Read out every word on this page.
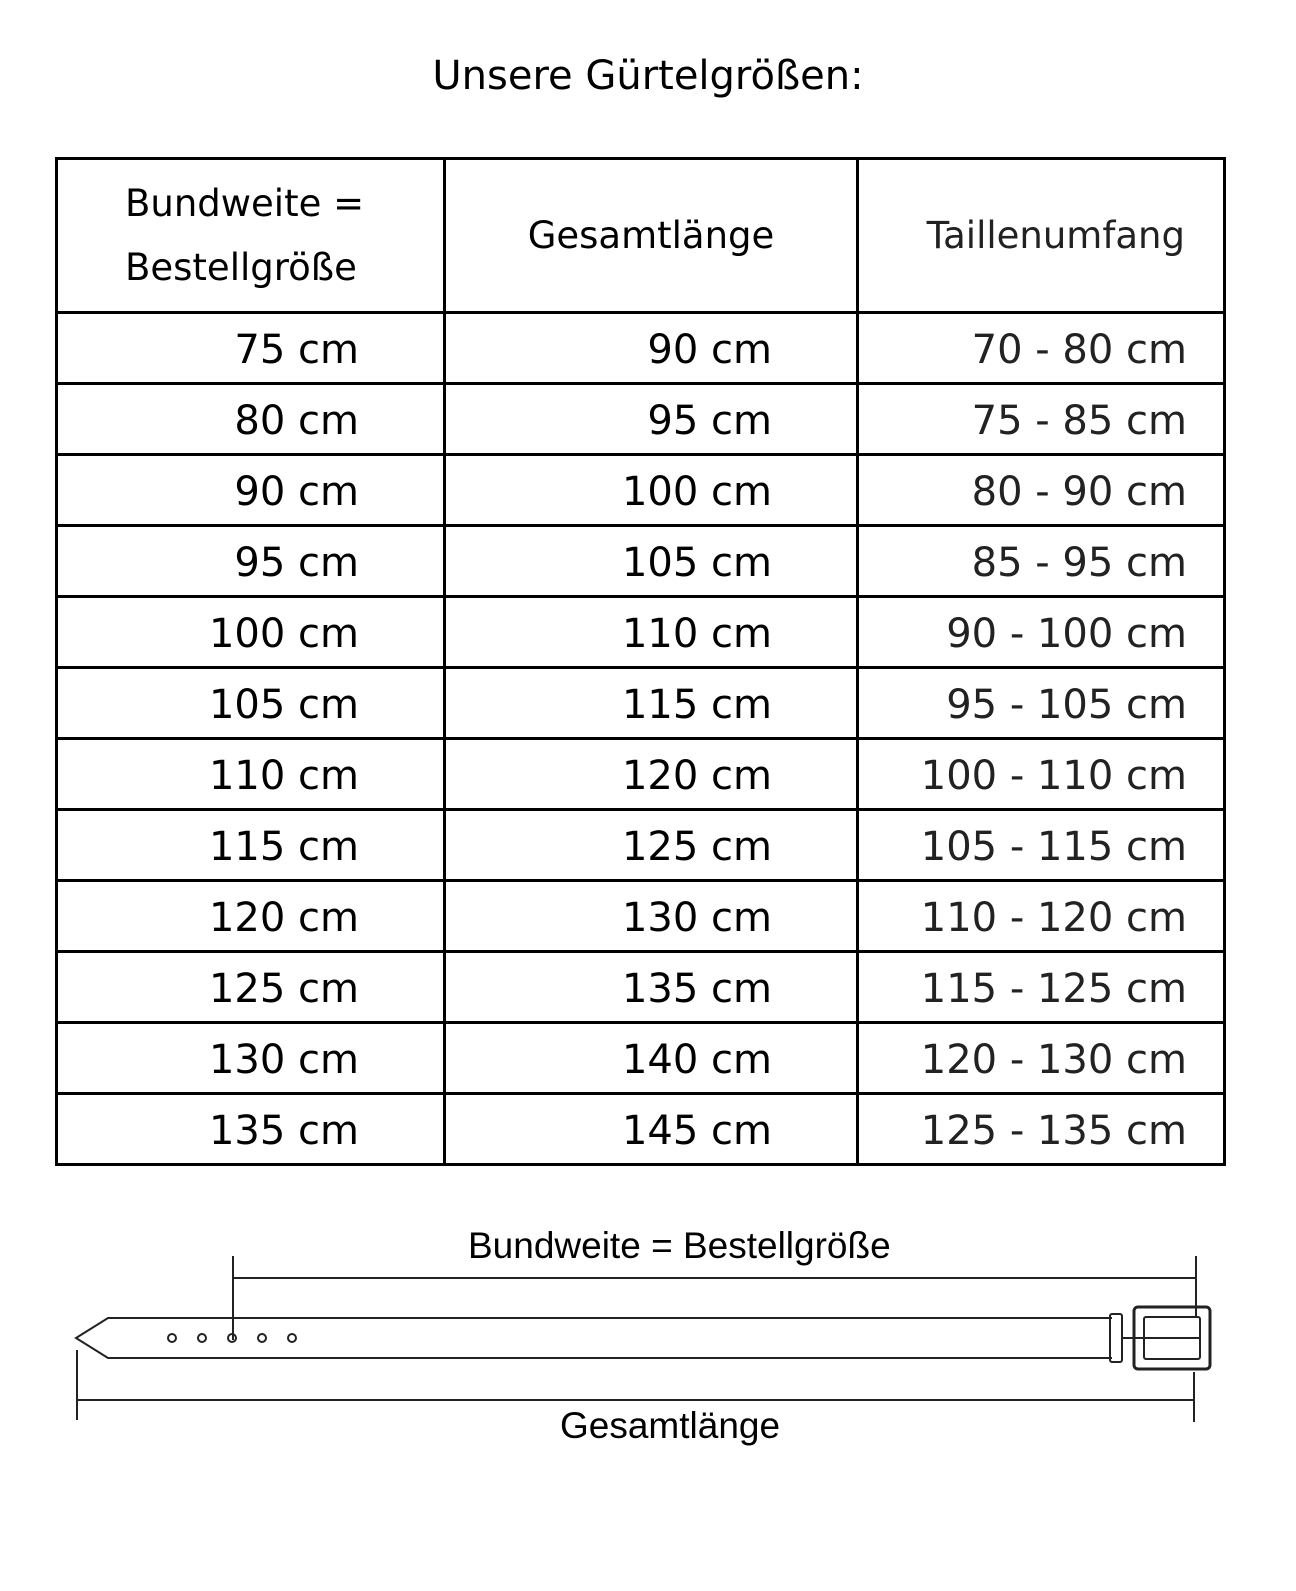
Unsere Gürtelgrößen:
Bundweite =
Bestellgröße	Gesamtlänge	Taillenumfang
75 cm	90 cm	70 - 80 cm
80 cm	95 cm	75 - 85 cm
90 cm	100 cm	80 - 90 cm
95 cm	105 cm	85 - 95 cm
100 cm	110 cm	90 - 100 cm
105 cm	115 cm	95 - 105 cm
110 cm	120 cm	100 - 110 cm
115 cm	125 cm	105 - 115 cm
120 cm	130 cm	110 - 120 cm
125 cm	135 cm	115 - 125 cm
130 cm	140 cm	120 - 130 cm
135 cm	145 cm	125 - 135 cm
Bundweite = Bestellgröße
Gesamtlänge
